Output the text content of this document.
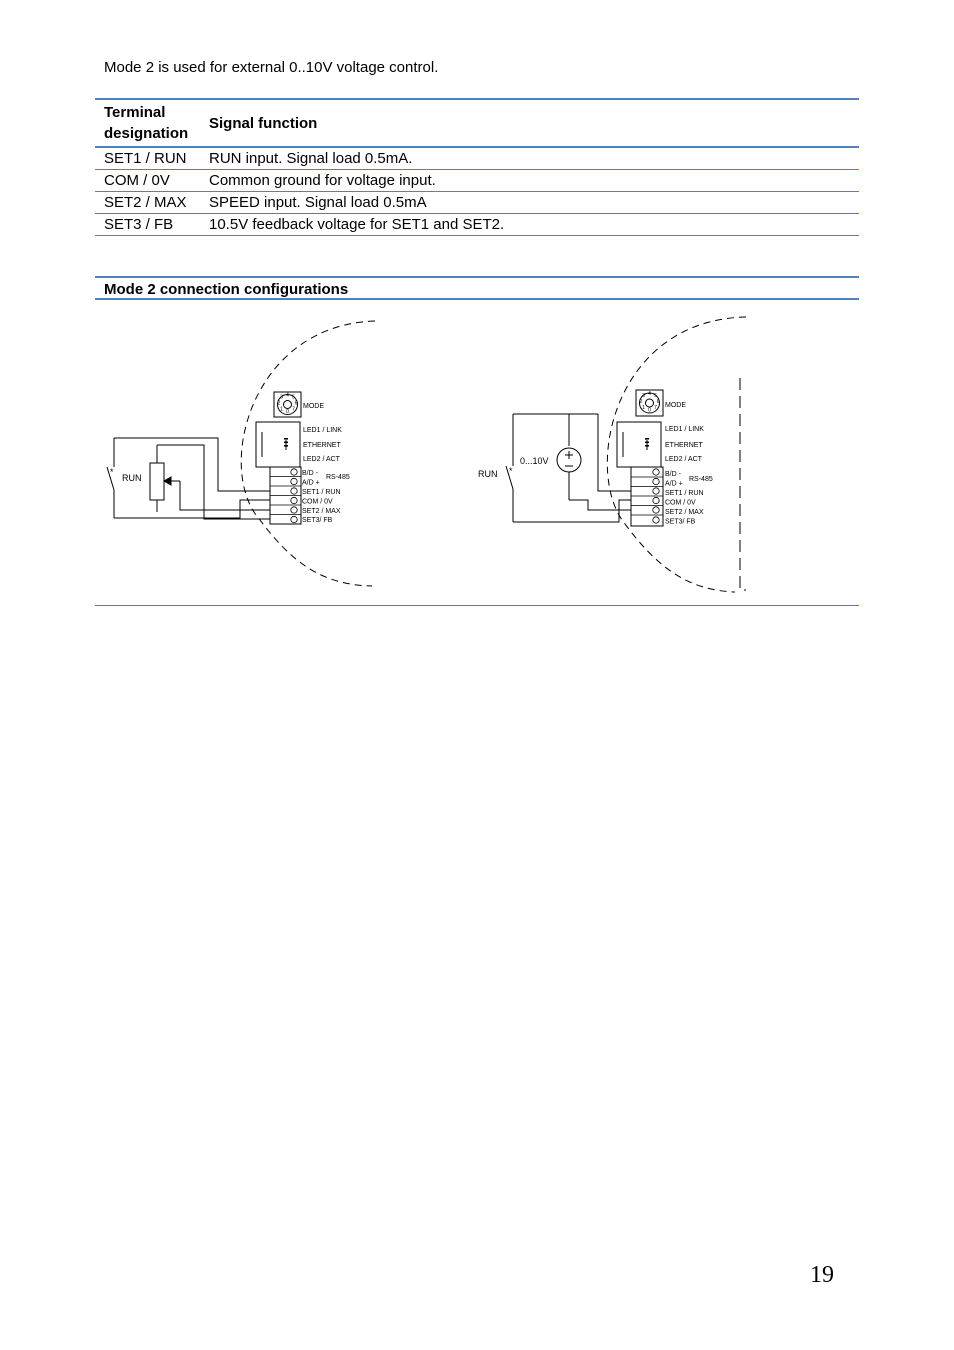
Mode 2 is used for external 0..10V voltage control.
Terminal designation	Signal function
SET1 / RUN	RUN input. Signal load 0.5mA.
COM / 0V	Common ground for voltage input.
SET2 / MAX	SPEED input. Signal load 0.5mA
SET3 / FB	10.5V feedback voltage for SET1 and SET2.
Mode 2 connection configurations
4 5
3
2	6
1 7
0
4 5
3
2	6
1 7
0
MODE
LED1 / LINK
ETHERNET
LED2 / ACT
RS-485
B/D -
A/D +
SET1 / RUN
COM / 0V
SET2 / MAX
SET3/ FB
RUN
*
MODE
LED1 / LINK
ETHERNET
LED2 / ACT
RS-485
B/D -
A/D +
SET1 / RUN
COM / 0V
SET2 / MAX
SET3/ FB
RUN *
0...10V
19
